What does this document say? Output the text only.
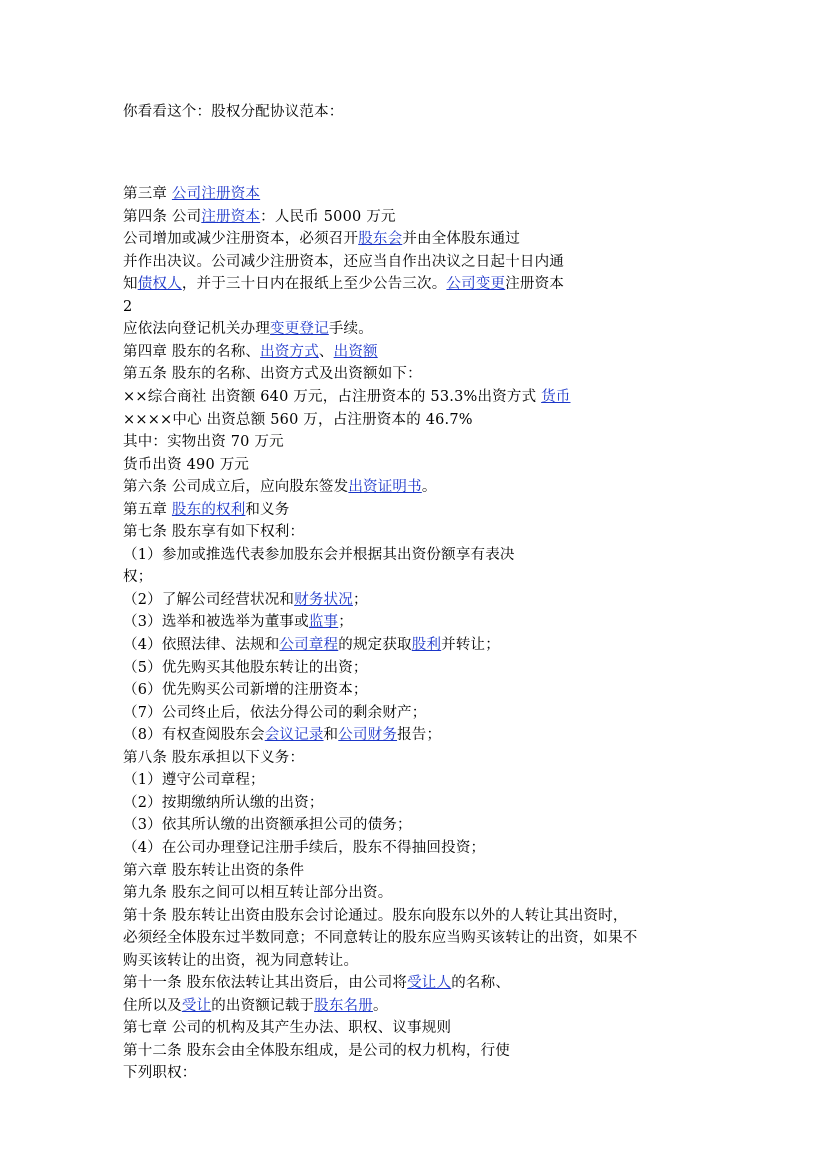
你看看这个：股权分配协议范本：
第三章 公司注册资本
第四条 公司注册资本：人民币 5000 万元
公司增加或减少注册资本，必须召开股东会并由全体股东通过
并作出决议。公司减少注册资本，还应当自作出决议之日起十日内通
知债权人，并于三十日内在报纸上至少公告三次。公司变更注册资本
2
应依法向登记机关办理变更登记手续。
第四章 股东的名称、出资方式、出资额
第五条 股东的名称、出资方式及出资额如下：
××综合商社 出资额 640 万元，占注册资本的 53.3%出资方式 货币
××××中心 出资总额 560 万，占注册资本的 46.7%
其中：实物出资 70 万元
货币出资 490 万元
第六条 公司成立后，应向股东签发出资证明书。
第五章 股东的权利和义务
第七条 股东享有如下权利：
（1）参加或推选代表参加股东会并根据其出资份额享有表决
权；
（2）了解公司经营状况和财务状况；
（3）选举和被选举为董事或监事；
（4）依照法律、法规和公司章程的规定获取股利并转让；
（5）优先购买其他股东转让的出资；
（6）优先购买公司新增的注册资本；
（7）公司终止后，依法分得公司的剩余财产；
（8）有权查阅股东会会议记录和公司财务报告；
第八条 股东承担以下义务：
（1）遵守公司章程；
（2）按期缴纳所认缴的出资；
（3）依其所认缴的出资额承担公司的债务；
（4）在公司办理登记注册手续后，股东不得抽回投资；
第六章 股东转让出资的条件
第九条 股东之间可以相互转让部分出资。
第十条 股东转让出资由股东会讨论通过。股东向股东以外的人转让其出资时，
必须经全体股东过半数同意；不同意转让的股东应当购买该转让的出资，如果不
购买该转让的出资，视为同意转让。
第十一条 股东依法转让其出资后，由公司将受让人的名称、
住所以及受让的出资额记载于股东名册。
第七章 公司的机构及其产生办法、职权、议事规则
第十二条 股东会由全体股东组成，是公司的权力机构，行使
下列职权：
